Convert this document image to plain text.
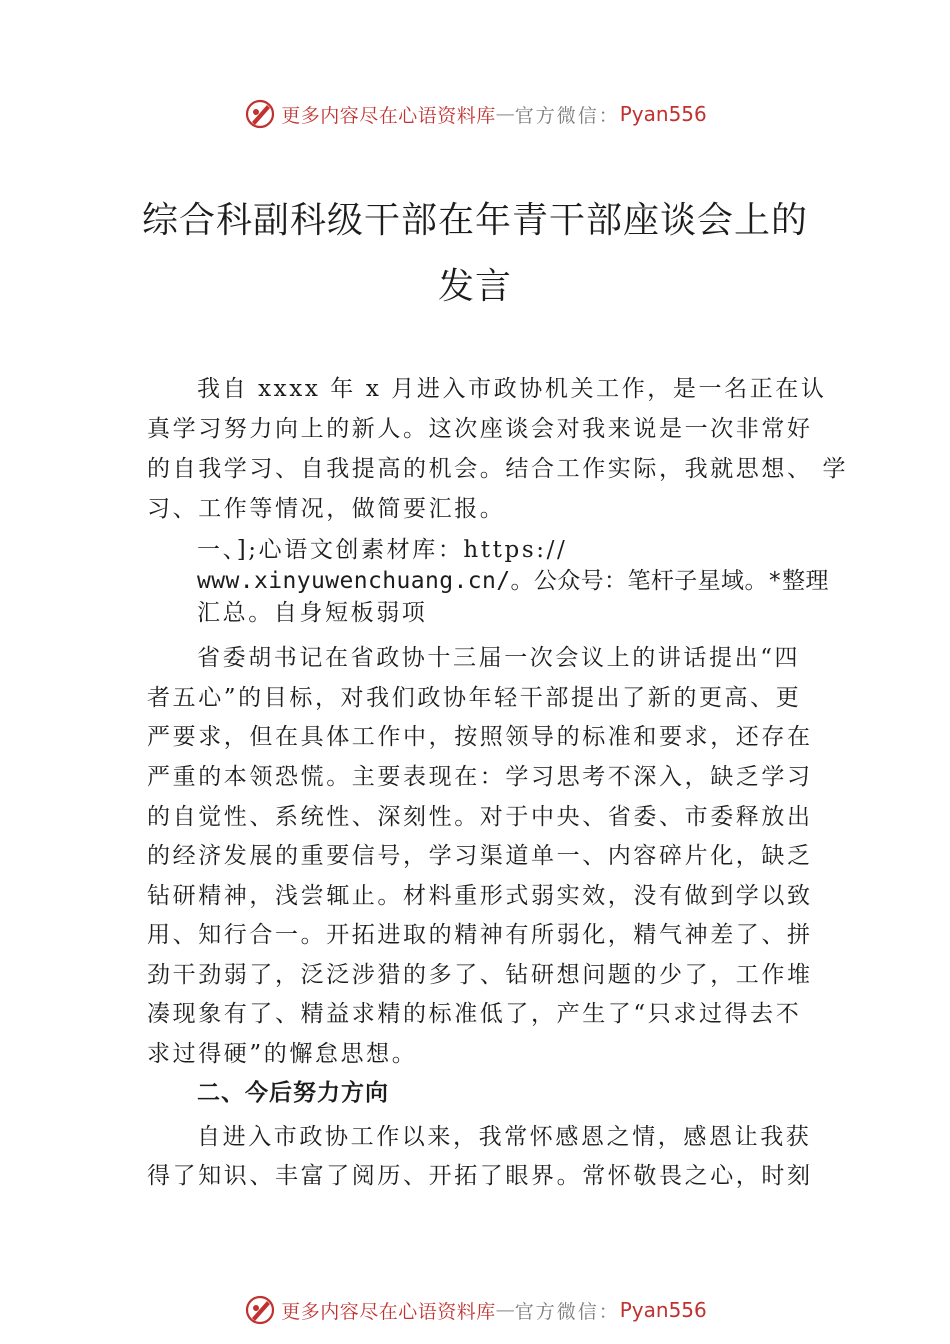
更多内容尽在心语资料库 — 官方微信： Pyan556
综合科副科级干部在年青干部座谈会上的
发言
我自 xxxx 年 x 月进入市政协机关工作，是一名正在认
真学习努力向上的新人。这次座谈会对我来说是一次非常好
的自我学习、自我提高的机会。结合工作实际，我就思想、 学
习、工作等情况，做简要汇报。
一、];心语文创素材库：https://
www.xinyuwenchuang.cn/。公众号：笔杆子星域。*整理
汇总。自身短板弱项
省委胡书记在省政协十三届一次会议上的讲话提出“四
者五心”的目标，对我们政协年轻干部提出了新的更高、更
严要求，但在具体工作中，按照领导的标准和要求，还存在
严重的本领恐慌。主要表现在：学习思考不深入，缺乏学习
的自觉性、系统性、深刻性。对于中央、省委、市委释放出
的经济发展的重要信号，学习渠道单一、内容碎片化，缺乏
钻研精神，浅尝辄止。材料重形式弱实效，没有做到学以致
用、知行合一。开拓进取的精神有所弱化，精气神差了、拼
劲干劲弱了，泛泛涉猎的多了、钻研想问题的少了，工作堆
凑现象有了、精益求精的标准低了，产生了“只求过得去不
求过得硬”的懈怠思想。
二、今后努力方向
自进入市政协工作以来，我常怀感恩之情，感恩让我获
得了知识、丰富了阅历、开拓了眼界。常怀敬畏之心，时刻
更多内容尽在心语资料库 — 官方微信： Pyan556
